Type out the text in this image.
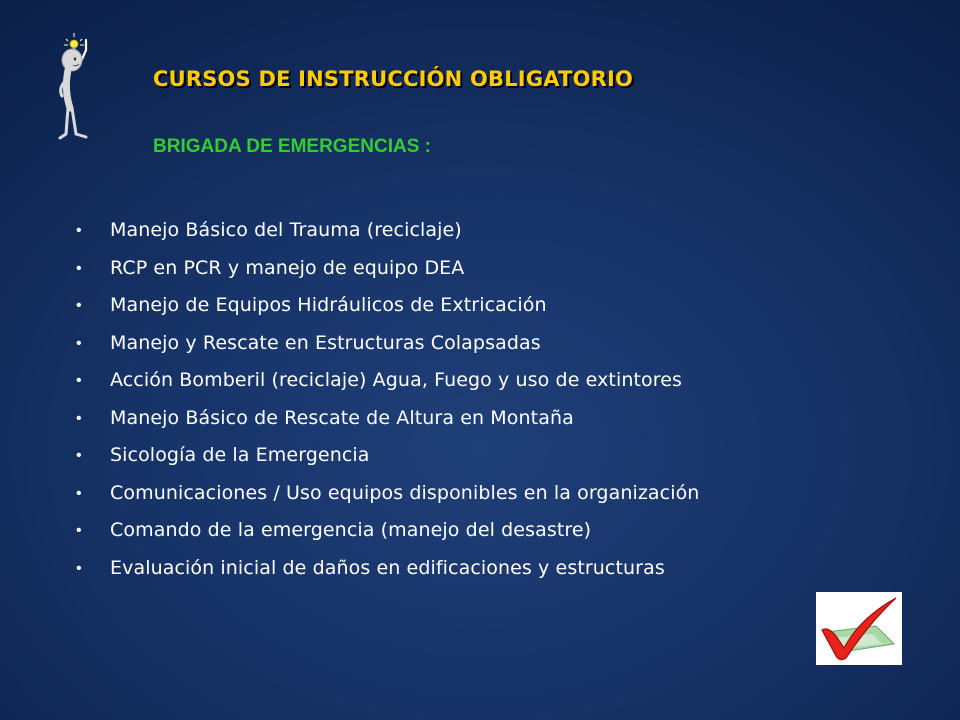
CURSOS DE INSTRUCCIÓN OBLIGATORIO
BRIGADA DE EMERGENCIAS :
• Manejo Básico del Trauma (reciclaje)
• RCP en PCR y manejo de equipo DEA
• Manejo de Equipos Hidráulicos de Extricación
• Manejo y Rescate en Estructuras Colapsadas
• Acción Bomberil (reciclaje) Agua, Fuego y uso de extintores
• Manejo Básico de Rescate de Altura en Montaña
• Sicología de la Emergencia
• Comunicaciones / Uso equipos disponibles en la organización
• Comando de la emergencia (manejo del desastre)
• Evaluación inicial de daños en edificaciones y estructuras
